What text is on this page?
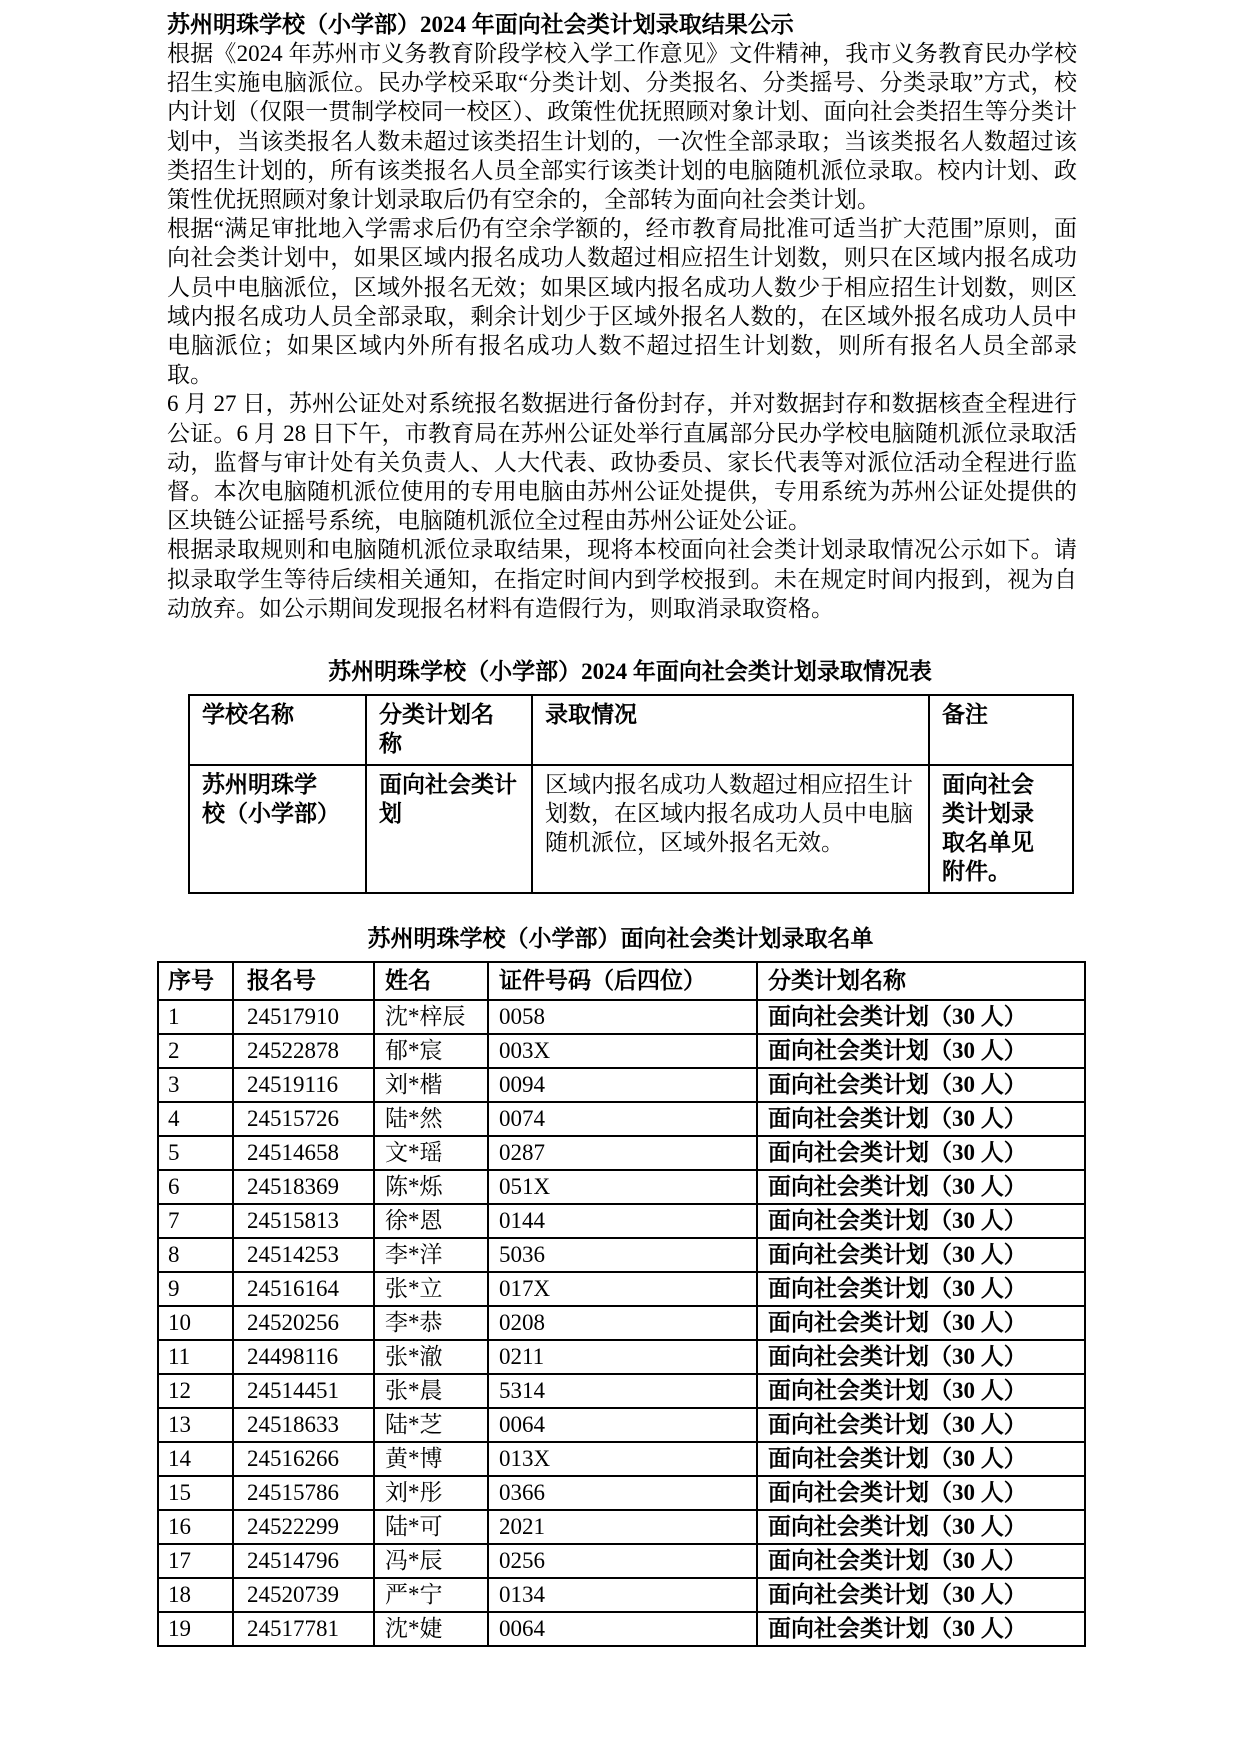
苏州明珠学校（小学部）2024 年面向社会类计划录取结果公示

根据《2024 年苏州市义务教育阶段学校入学工作意见》文件精神，我市义务教育民办学校招生实施电脑派位。民办学校采取“分类计划、分类报名、分类摇号、分类录取”方式，校内计划（仅限一贯制学校同一校区）、政策性优抚照顾对象计划、面向社会类招生等分类计划中，当该类报名人数未超过该类招生计划的，一次性全部录取；当该类报名人数超过该类招生计划的，所有该类报名人员全部实行该类计划的电脑随机派位录取。校内计划、政策性优抚照顾对象计划录取后仍有空余的，全部转为面向社会类计划。

根据“满足审批地入学需求后仍有空余学额的，经市教育局批准可适当扩大范围”原则，面向社会类计划中，如果区域内报名成功人数超过相应招生计划数，则只在区域内报名成功人员中电脑派位，区域外报名无效；如果区域内报名成功人数少于相应招生计划数，则区域内报名成功人员全部录取，剩余计划少于区域外报名人数的，在区域外报名成功人员中电脑派位；如果区域内外所有报名成功人数不超过招生计划数，则所有报名人员全部录取。

6 月 27 日，苏州公证处对系统报名数据进行备份封存，并对数据封存和数据核查全程进行公证。6 月 28 日下午，市教育局在苏州公证处举行直属部分民办学校电脑随机派位录取活动，监督与审计处有关负责人、人大代表、政协委员、家长代表等对派位活动全程进行监督。本次电脑随机派位使用的专用电脑由苏州公证处提供，专用系统为苏州公证处提供的区块链公证摇号系统，电脑随机派位全过程由苏州公证处公证。

根据录取规则和电脑随机派位录取结果，现将本校面向社会类计划录取情况公示如下。请拟录取学生等待后续相关通知，在指定时间内到学校报到。未在规定时间内报到，视为自动放弃。如公示期间发现报名材料有造假行为，则取消录取资格。

苏州明珠学校（小学部）2024 年面向社会类计划录取情况表
学校名称	分类计划名称	录取情况	备注
苏州明珠学校（小学部）	面向社会类计划	区域内报名成功人数超过相应招生计划数，在区域内报名成功人员中电脑随机派位，区域外报名无效。	面向社会类计划录取名单见附件。
苏州明珠学校（小学部）面向社会类计划录取名单
序号	报名号	姓名	证件号码（后四位）	分类计划名称
1	24517910	沈*梓辰	0058	面向社会类计划（30 人）
2	24522878	郁*宸	003X	面向社会类计划（30 人）
3	24519116	刘*楷	0094	面向社会类计划（30 人）
4	24515726	陆*然	0074	面向社会类计划（30 人）
5	24514658	文*瑶	0287	面向社会类计划（30 人）
6	24518369	陈*烁	051X	面向社会类计划（30 人）
7	24515813	徐*恩	0144	面向社会类计划（30 人）
8	24514253	李*洋	5036	面向社会类计划（30 人）
9	24516164	张*立	017X	面向社会类计划（30 人）
10	24520256	李*恭	0208	面向社会类计划（30 人）
11	24498116	张*澈	0211	面向社会类计划（30 人）
12	24514451	张*晨	5314	面向社会类计划（30 人）
13	24518633	陆*芝	0064	面向社会类计划（30 人）
14	24516266	黄*博	013X	面向社会类计划（30 人）
15	24515786	刘*彤	0366	面向社会类计划（30 人）
16	24522299	陆*可	2021	面向社会类计划（30 人）
17	24514796	冯*辰	0256	面向社会类计划（30 人）
18	24520739	严*宁	0134	面向社会类计划（30 人）
19	24517781	沈*婕	0064	面向社会类计划（30 人）
